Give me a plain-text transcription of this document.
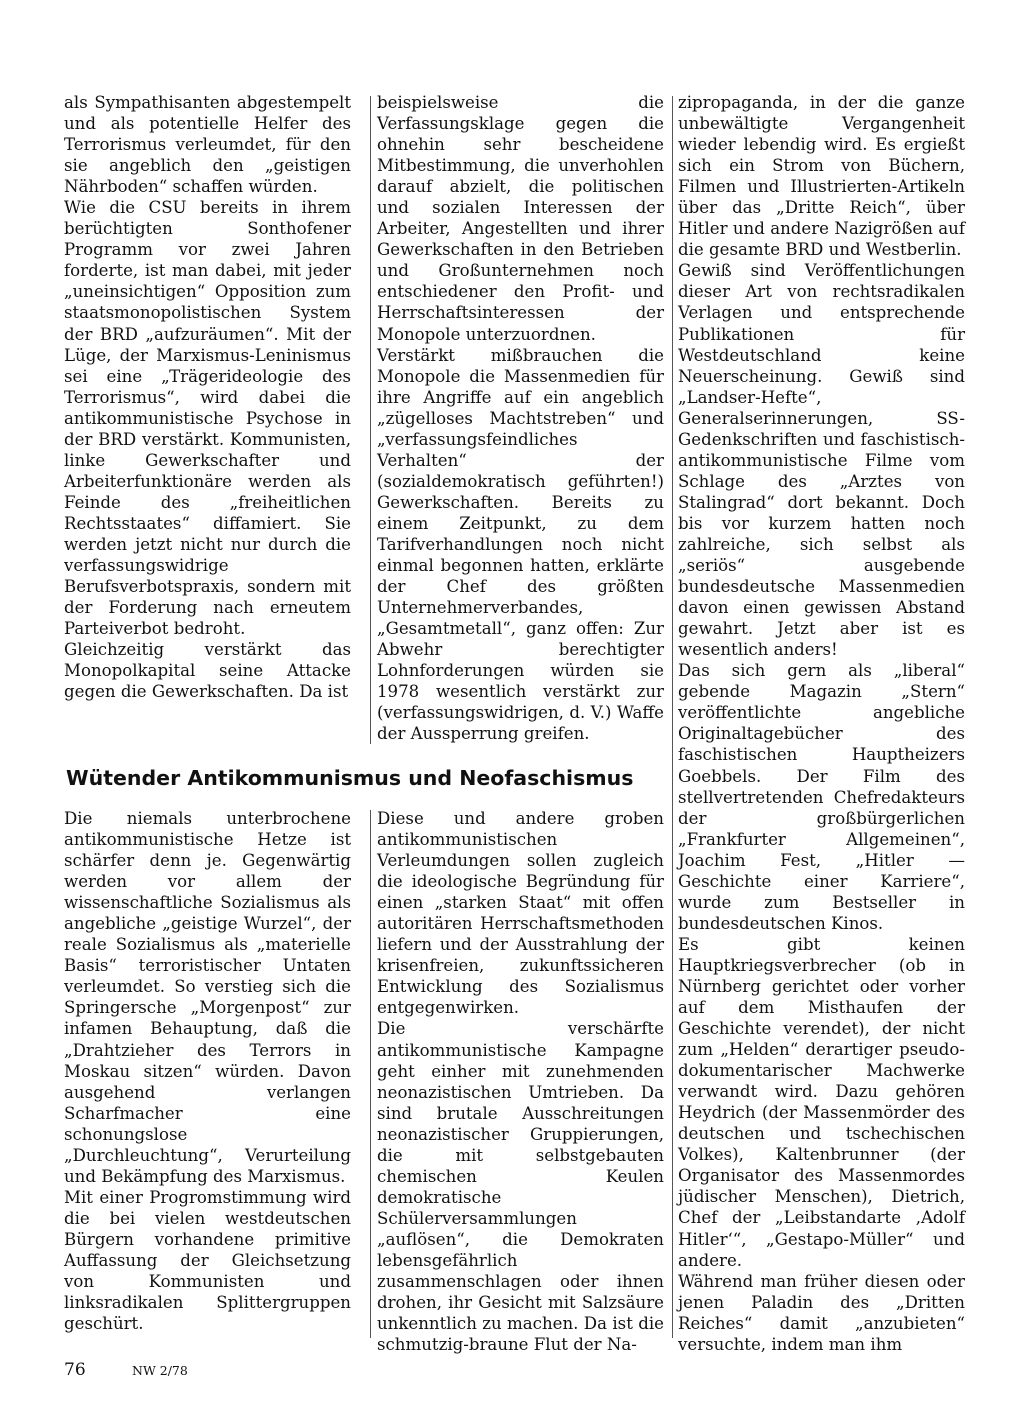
als Sympathisanten abgestempelt und als potentielle Helfer des Terrorismus verleumdet, für den sie angeblich den „geistigen Nährboden“ schaffen würden.

Wie die CSU bereits in ihrem berüchtigten Sonthofener Programm vor zwei Jahren forderte, ist man dabei, mit jeder „uneinsichtigen“ Opposition zum staatsmonopolistischen System der BRD „aufzuräumen“. Mit der Lüge, der Marxismus-Leninismus sei eine „Trägerideologie des Terrorismus“, wird dabei die antikommunistische Psychose in der BRD verstärkt. Kommunisten, linke Gewerkschafter und Arbeiterfunktionäre werden als Feinde des „freiheitlichen Rechtsstaates“ diffamiert. Sie werden jetzt nicht nur durch die verfassungswidrige Berufsverbotspraxis, sondern mit der Forderung nach erneutem Parteiverbot bedroht.

Gleichzeitig verstärkt das Monopolkapital seine Attacke gegen die Gewerkschaften. Da ist

beispielsweise die Verfassungsklage gegen die ohnehin sehr bescheidene Mitbestimmung, die unverhohlen darauf abzielt, die politischen und sozialen Interessen der Arbeiter, Angestellten und ihrer Gewerkschaften in den Betrieben und Großunternehmen noch entschiedener den Profit- und Herrschaftsinteressen der Monopole unterzuordnen.

Verstärkt mißbrauchen die Monopole die Massenmedien für ihre Angriffe auf ein angeblich „zügelloses Machtstreben“ und „verfassungsfeindliches Verhalten“ der (sozialdemokratisch geführten!) Gewerkschaften. Bereits zu einem Zeitpunkt, zu dem Tarifverhandlungen noch nicht einmal begonnen hatten, erklärte der Chef des größten Unternehmerverbandes, „Gesamtmetall“, ganz offen: Zur Abwehr berechtigter Lohnforderungen würden sie 1978 wesentlich verstärkt zur (verfassungswidrigen, d. V.) Waffe der Aussperrung greifen.

zipropaganda, in der die ganze unbewältigte Vergangenheit wieder lebendig wird. Es ergießt sich ein Strom von Büchern, Filmen und Illustrierten-Artikeln über das „Dritte Reich“, über Hitler und andere Nazigrößen auf die gesamte BRD und Westberlin.

Gewiß sind Veröffentlichungen dieser Art von rechtsradikalen Verlagen und entsprechende Publikationen für Westdeutschland keine Neuerscheinung. Gewiß sind „Landser-Hefte“, Generalserinnerungen, SS-Gedenkschriften und faschistisch-antikommunistische Filme vom Schlage des „Arztes von Stalingrad“ dort bekannt. Doch bis vor kurzem hatten noch zahlreiche, sich selbst als „seriös“ ausgebende bundesdeutsche Massenmedien davon einen gewissen Abstand gewahrt. Jetzt aber ist es wesentlich anders!

Das sich gern als „liberal“ gebende Magazin „Stern“ veröffentlichte angebliche Originaltagebücher des faschistischen Hauptheizers Goebbels. Der Film des stellvertretenden Chefredakteurs der großbürgerlichen „Frankfurter Allgemeinen“, Joachim Fest, „Hitler — Geschichte einer Karriere“, wurde zum Bestseller in bundesdeutschen Kinos.

Es gibt keinen Hauptkriegsverbrecher (ob in Nürnberg gerichtet oder vorher auf dem Misthaufen der Geschichte verendet), der nicht zum „Helden“ derartiger pseudo-dokumentarischer Machwerke verwandt wird. Dazu gehören Heydrich (der Massenmörder des deutschen und tschechischen Volkes), Kaltenbrunner (der Organisator des Massenmordes jüdischer Menschen), Dietrich, Chef der „Leibstandarte ‚Adolf Hitler‘“, „Gestapo-Müller“ und andere.

Während man früher diesen oder jenen Paladin des „Dritten Reiches“ damit „anzubieten“ versuchte, indem man ihm

Wütender Antikommunismus und Neofaschismus

Die niemals unterbrochene antikommunistische Hetze ist schärfer denn je. Gegenwärtig werden vor allem der wissenschaftliche Sozialismus als angebliche „geistige Wurzel“, der reale Sozialismus als „materielle Basis“ terroristischer Untaten verleumdet. So verstieg sich die Springersche „Morgenpost“ zur infamen Behauptung, daß die „Drahtzieher des Terrors in Moskau sitzen“ würden. Davon ausgehend verlangen Scharfmacher eine schonungslose „Durchleuchtung“, Verurteilung und Bekämpfung des Marxismus.

Mit einer Progromstimmung wird die bei vielen westdeutschen Bürgern vorhandene primitive Auffassung der Gleichsetzung von Kommunisten und linksradikalen Splittergruppen geschürt.

Diese und andere groben antikommunistischen Verleumdungen sollen zugleich die ideologische Begründung für einen „starken Staat“ mit offen autoritären Herrschaftsmethoden liefern und der Ausstrahlung der krisenfreien, zukunftssicheren Entwicklung des Sozialismus entgegenwirken.

Die verschärfte antikommunistische Kampagne geht einher mit zunehmenden neonazistischen Umtrieben. Da sind brutale Ausschreitungen neonazistischer Gruppierungen, die mit selbstgebauten chemischen Keulen demokratische Schülerversammlungen „auflösen“, die Demokraten lebensgefährlich zusammenschlagen oder ihnen drohen, ihr Gesicht mit Salzsäure unkenntlich zu machen. Da ist die schmutzig-braune Flut der Na-

76	NW 2/78
